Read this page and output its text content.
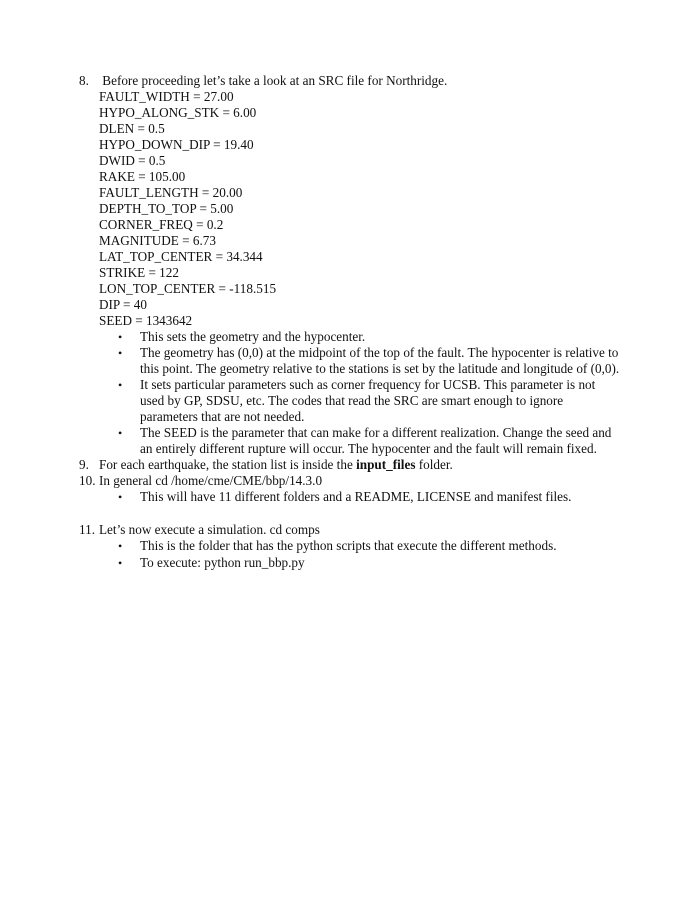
8. Before proceeding let’s take a look at an SRC file for Northridge.
FAULT_WIDTH = 27.00
HYPO_ALONG_STK = 6.00
DLEN = 0.5
HYPO_DOWN_DIP = 19.40
DWID = 0.5
RAKE = 105.00
FAULT_LENGTH = 20.00
DEPTH_TO_TOP = 5.00
CORNER_FREQ = 0.2
MAGNITUDE = 6.73
LAT_TOP_CENTER = 34.344
STRIKE = 122
LON_TOP_CENTER = -118.515
DIP = 40
SEED = 1343642
•	This sets the geometry and the hypocenter.
•	The geometry has (0,0) at the midpoint of the top of the fault. The hypocenter is relative to
this point. The geometry relative to the stations is set by the latitude and longitude of (0,0).
•	It sets particular parameters such as corner frequency for UCSB. This parameter is not
used by GP, SDSU, etc. The codes that read the SRC are smart enough to ignore
parameters that are not needed.
•	The SEED is the parameter that can make for a different realization. Change the seed and
an entirely different rupture will occur. The hypocenter and the fault will remain fixed.
9. For each earthquake, the station list is inside the input_files folder.
10. In general cd /home/cme/CME/bbp/14.3.0
•	This will have 11 different folders and a README, LICENSE and manifest files.
11. Let’s now execute a simulation. cd comps
•	This is the folder that has the python scripts that execute the different methods.
•	To execute: python run_bbp.py
